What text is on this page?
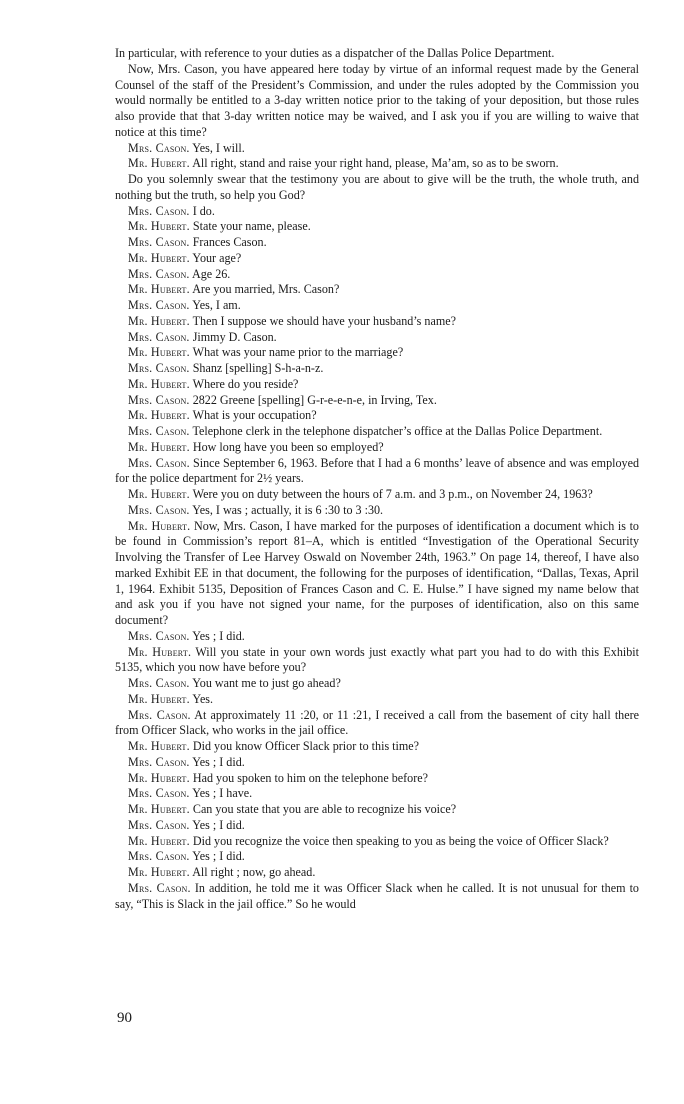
In particular, with reference to your duties as a dispatcher of the Dallas Police Department.

Now, Mrs. Cason, you have appeared here today by virtue of an informal request made by the General Counsel of the staff of the President’s Commission, and under the rules adopted by the Commission you would normally be entitled to a 3-day written notice prior to the taking of your deposition, but those rules also provide that that 3-day written notice may be waived, and I ask you if you are willing to waive that notice at this time?

Mrs. Cason. Yes, I will.

Mr. Hubert. All right, stand and raise your right hand, please, Ma’am, so as to be sworn.

Do you solemnly swear that the testimony you are about to give will be the truth, the whole truth, and nothing but the truth, so help you God?

Mrs. Cason. I do.

Mr. Hubert. State your name, please.

Mrs. Cason. Frances Cason.

Mr. Hubert. Your age?

Mrs. Cason. Age 26.

Mr. Hubert. Are you married, Mrs. Cason?

Mrs. Cason. Yes, I am.

Mr. Hubert. Then I suppose we should have your husband’s name?

Mrs. Cason. Jimmy D. Cason.

Mr. Hubert. What was your name prior to the marriage?

Mrs. Cason. Shanz [spelling] S-h-a-n-z.

Mr. Hubert. Where do you reside?

Mrs. Cason. 2822 Greene [spelling] G-r-e-e-n-e, in Irving, Tex.

Mr. Hubert. What is your occupation?

Mrs. Cason. Telephone clerk in the telephone dispatcher’s office at the Dallas Police Department.

Mr. Hubert. How long have you been so employed?

Mrs. Cason. Since September 6, 1963. Before that I had a 6 months’ leave of absence and was employed for the police department for 2½ years.

Mr. Hubert. Were you on duty between the hours of 7 a.m. and 3 p.m., on November 24, 1963?

Mrs. Cason. Yes, I was ; actually, it is 6 :30 to 3 :30.

Mr. Hubert. Now, Mrs. Cason, I have marked for the purposes of identification a document which is to be found in Commission’s report 81–A, which is entitled “Investigation of the Operational Security Involving the Transfer of Lee Harvey Oswald on November 24th, 1963.” On page 14, thereof, I have also marked Exhibit EE in that document, the following for the purposes of identification, “Dallas, Texas, April 1, 1964. Exhibit 5135, Deposition of Frances Cason and C. E. Hulse.” I have signed my name below that and ask you if you have not signed your name, for the purposes of identification, also on this same document?

Mrs. Cason. Yes ; I did.

Mr. Hubert. Will you state in your own words just exactly what part you had to do with this Exhibit 5135, which you now have before you?

Mrs. Cason. You want me to just go ahead?

Mr. Hubert. Yes.

Mrs. Cason. At approximately 11 :20, or 11 :21, I received a call from the basement of city hall there from Officer Slack, who works in the jail office.

Mr. Hubert. Did you know Officer Slack prior to this time?

Mrs. Cason. Yes ; I did.

Mr. Hubert. Had you spoken to him on the telephone before?

Mrs. Cason. Yes ; I have.

Mr. Hubert. Can you state that you are able to recognize his voice?

Mrs. Cason. Yes ; I did.

Mr. Hubert. Did you recognize the voice then speaking to you as being the voice of Officer Slack?

Mrs. Cason. Yes ; I did.

Mr. Hubert. All right ; now, go ahead.

Mrs. Cason. In addition, he told me it was Officer Slack when he called. It is not unusual for them to say, “This is Slack in the jail office.” So he would

90
